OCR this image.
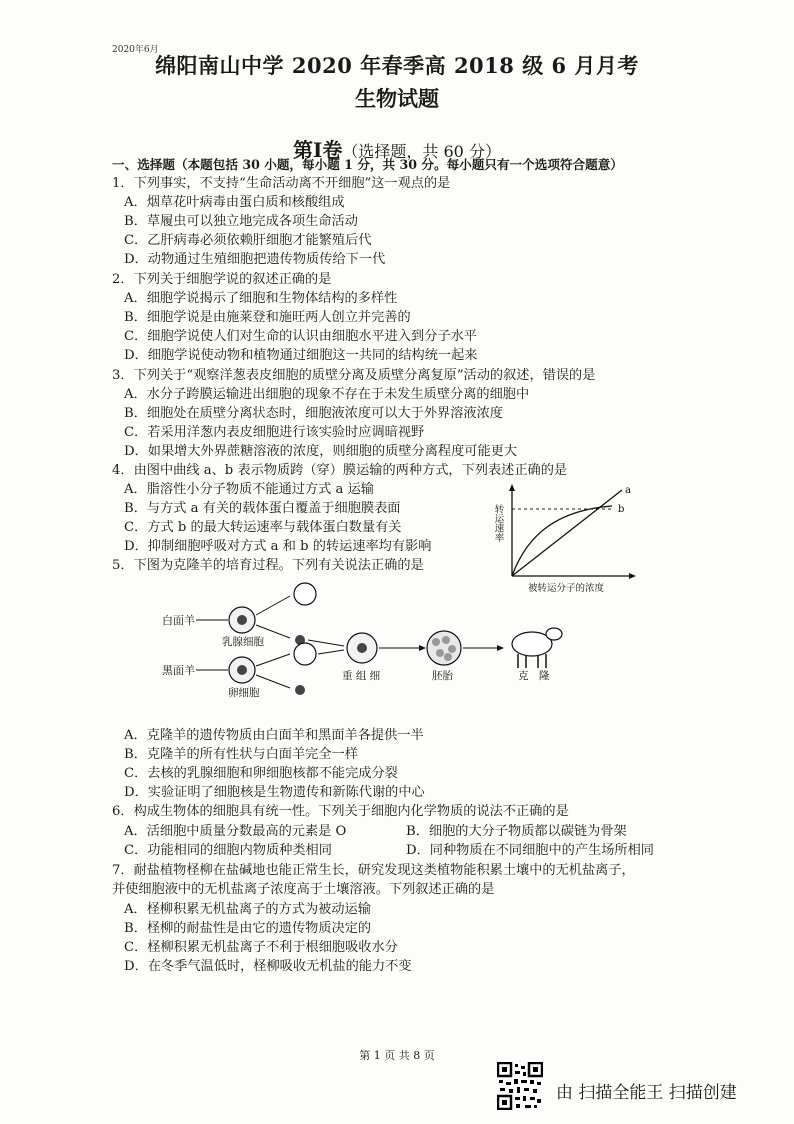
2020年6月
绵阳南山中学 2020 年春季高 2018 级 6 月月考
生物试题
第Ⅰ卷（选择题，共 60 分）
一、选择题（本题包括 30 小题，每小题 1 分，共 30 分。每小题只有一个选项符合题意）
1．下列事实，不支持“生命活动离不开细胞”这一观点的是
A．烟草花叶病毒由蛋白质和核酸组成
B．草履虫可以独立地完成各项生命活动
C．乙肝病毒必须依赖肝细胞才能繁殖后代
D．动物通过生殖细胞把遗传物质传给下一代
2．下列关于细胞学说的叙述正确的是
A．细胞学说揭示了细胞和生物体结构的多样性
B．细胞学说是由施莱登和施旺两人创立并完善的
C．细胞学说使人们对生命的认识由细胞水平进入到分子水平
D．细胞学说使动物和植物通过细胞这一共同的结构统一起来
3．下列关于“观察洋葱表皮细胞的质壁分离及质壁分离复原”活动的叙述，错误的是
A．水分子跨膜运输进出细胞的现象不存在于未发生质壁分离的细胞中
B．细胞处在质壁分离状态时，细胞液浓度可以大于外界溶液浓度
C．若采用洋葱内表皮细胞进行该实验时应调暗视野
D．如果增大外界蔗糖溶液的浓度，则细胞的质壁分离程度可能更大
4．由图中曲线 a、b 表示物质跨（穿）膜运输的两种方式，下列表述正确的是
A．脂溶性小分子物质不能通过方式 a 运输
B．与方式 a 有关的载体蛋白覆盖于细胞膜表面
C．方式 b 的最大转运速率与载体蛋白数量有关
D．抑制细胞呼吸对方式 a 和 b 的转运速率均有影响
a
b
转运速率
被转运分子的浓度
5．下图为克隆羊的培育过程。下列有关说法正确的是
白面羊
黑面羊
乳腺细胞
卵细胞
重 组 细	胚胎	克　隆
A．克隆羊的遗传物质由白面羊和黑面羊各提供一半
B．克隆羊的所有性状与白面羊完全一样
C．去核的乳腺细胞和卵细胞核都不能完成分裂
D．实验证明了细胞核是生物遗传和新陈代谢的中心
6．构成生物体的细胞具有统一性。下列关于细胞内化学物质的说法不正确的是
A．活细胞中质量分数最高的元素是 O	B．细胞的大分子物质都以碳链为骨架
C．功能相同的细胞内物质种类相同	D．同种物质在不同细胞中的产生场所相同
7．耐盐植物柽柳在盐碱地也能正常生长，研究发现这类植物能积累土壤中的无机盐离子，
并使细胞液中的无机盐离子浓度高于土壤溶液。下列叙述正确的是
A．柽柳积累无机盐离子的方式为被动运输
B．柽柳的耐盐性是由它的遗传物质决定的
C．柽柳积累无机盐离子不利于根细胞吸收水分
D．在冬季气温低时，柽柳吸收无机盐的能力不变
第 1 页 共 8 页
由 扫描全能王 扫描创建
